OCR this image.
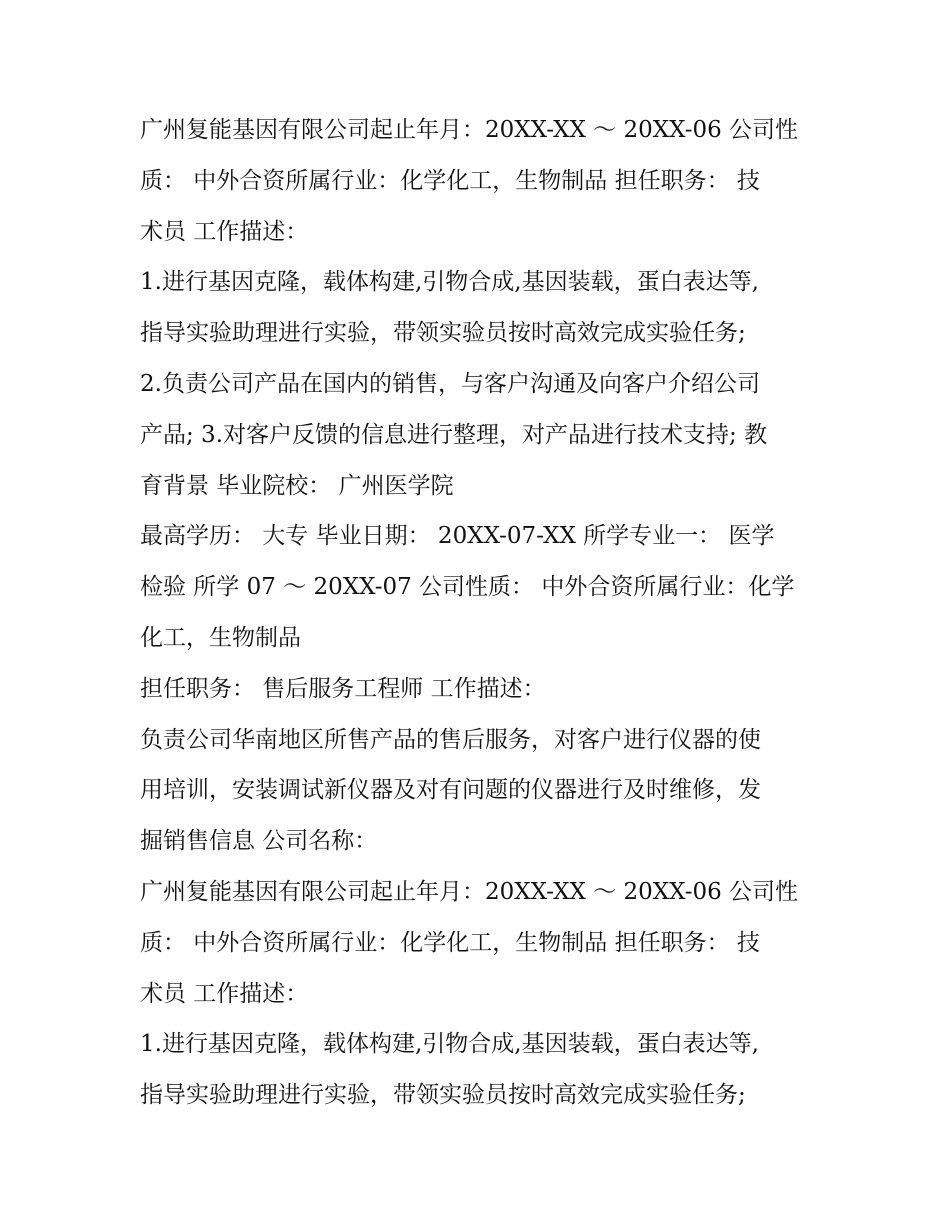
广州复能基因有限公司起止年月：20XX-XX ～ 20XX-06 公司性
质： 中外合资所属行业：化学化工，生物制品 担任职务： 技
术员 工作描述：
1.进行基因克隆，载体构建,引物合成,基因装载，蛋白表达等,
指导实验助理进行实验，带领实验员按时高效完成实验任务;
2.负责公司产品在国内的销售，与客户沟通及向客户介绍公司
产品; 3.对客户反馈的信息进行整理，对产品进行技术支持; 教
育背景 毕业院校： 广州医学院
最高学历： 大专 毕业日期： 20XX-07-XX 所学专业一： 医学
检验 所学 07 ～ 20XX-07 公司性质： 中外合资所属行业：化学
化工，生物制品
担任职务： 售后服务工程师 工作描述：
负责公司华南地区所售产品的售后服务，对客户进行仪器的使
用培训，安装调试新仪器及对有问题的仪器进行及时维修，发
掘销售信息 公司名称：
广州复能基因有限公司起止年月：20XX-XX ～ 20XX-06 公司性
质： 中外合资所属行业：化学化工，生物制品 担任职务： 技
术员 工作描述：
1.进行基因克隆，载体构建,引物合成,基因装载，蛋白表达等,
指导实验助理进行实验，带领实验员按时高效完成实验任务;
